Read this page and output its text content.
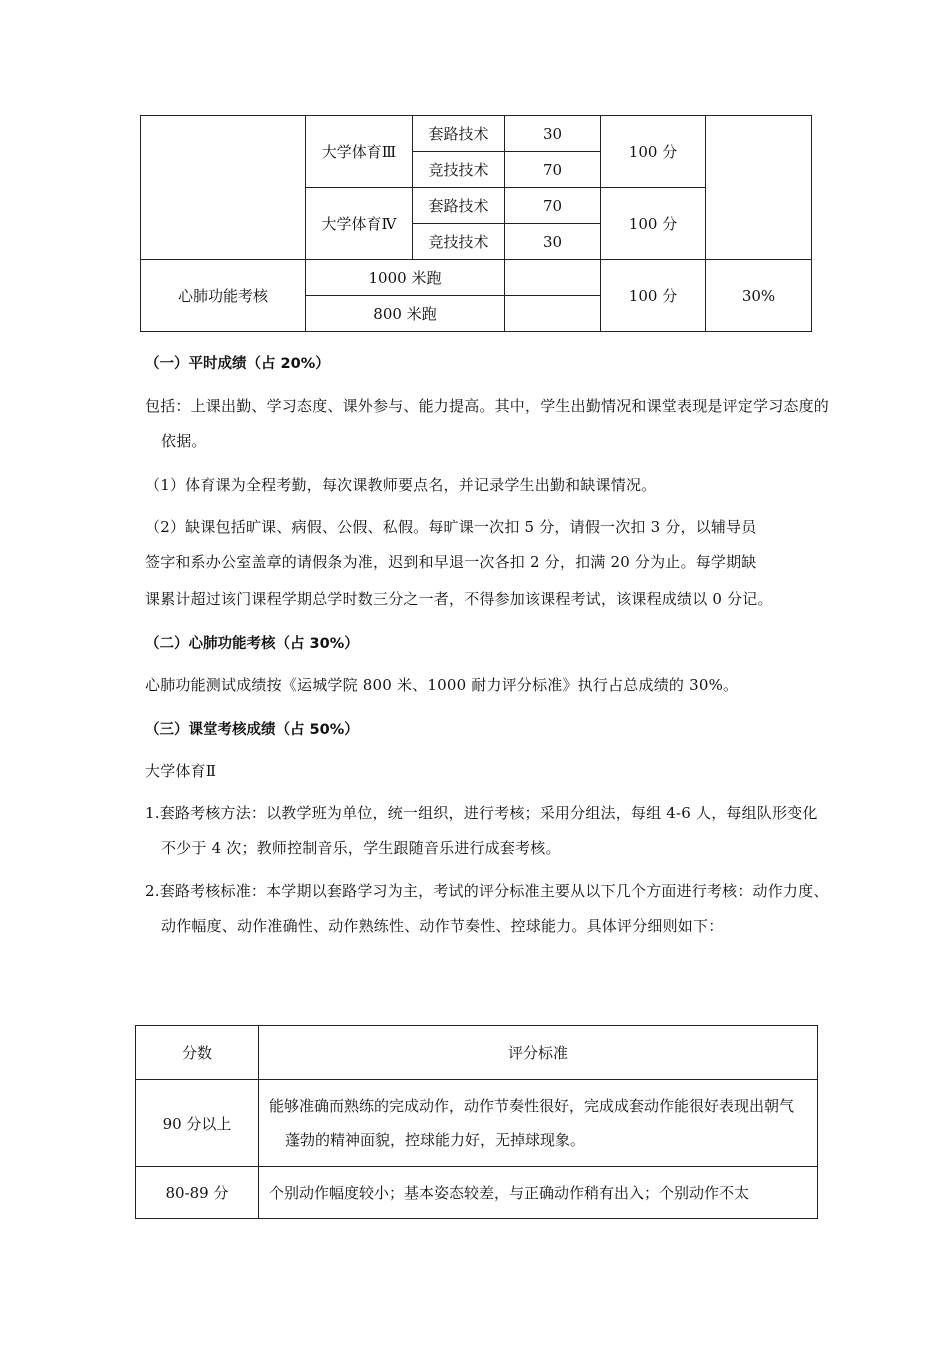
	大学体育Ⅲ	套路技术	30	100 分	
		竞技技术	70		
	大学体育Ⅳ	套路技术	70	100 分	
		竞技技术	30		
心肺功能考核	1000 米跑			100 分	30%
	800 米跑				
（一）平时成绩（占 20%）
包括：上课出勤、学习态度、课外参与、能力提高。其中，学生出勤情况和课堂表现是评定学习态度的依据。
（1）体育课为全程考勤，每次课教师要点名，并记录学生出勤和缺课情况。
（2）缺课包括旷课、病假、公假、私假。每旷课一次扣 5 分，请假一次扣 3 分，以辅导员
签字和系办公室盖章的请假条为准，迟到和早退一次各扣 2 分，扣满 20 分为止。每学期缺
课累计超过该门课程学期总学时数三分之一者，不得参加该课程考试，该课程成绩以 0 分记。
（二）心肺功能考核（占 30%）
心肺功能测试成绩按《运城学院 800 米、1000 耐力评分标准》执行占总成绩的 30%。
（三）课堂考核成绩（占 50%）
大学体育Ⅱ
1.套路考核方法：以教学班为单位，统一组织，进行考核；采用分组法，每组 4-6 人，每组队形变化不少于 4 次；教师控制音乐，学生跟随音乐进行成套考核。
2.套路考核标准：本学期以套路学习为主，考试的评分标准主要从以下几个方面进行考核：动作力度、动作幅度、动作准确性、动作熟练性、动作节奏性、控球能力。具体评分细则如下：
分数	评分标准
90 分以上	能够准确而熟练的完成动作，动作节奏性很好，完成成套动作能很好表现出朝气蓬勃的精神面貌，控球能力好，无掉球现象。

80-89 分	个别动作幅度较小；基本姿态较差，与正确动作稍有出入；个别动作不太
